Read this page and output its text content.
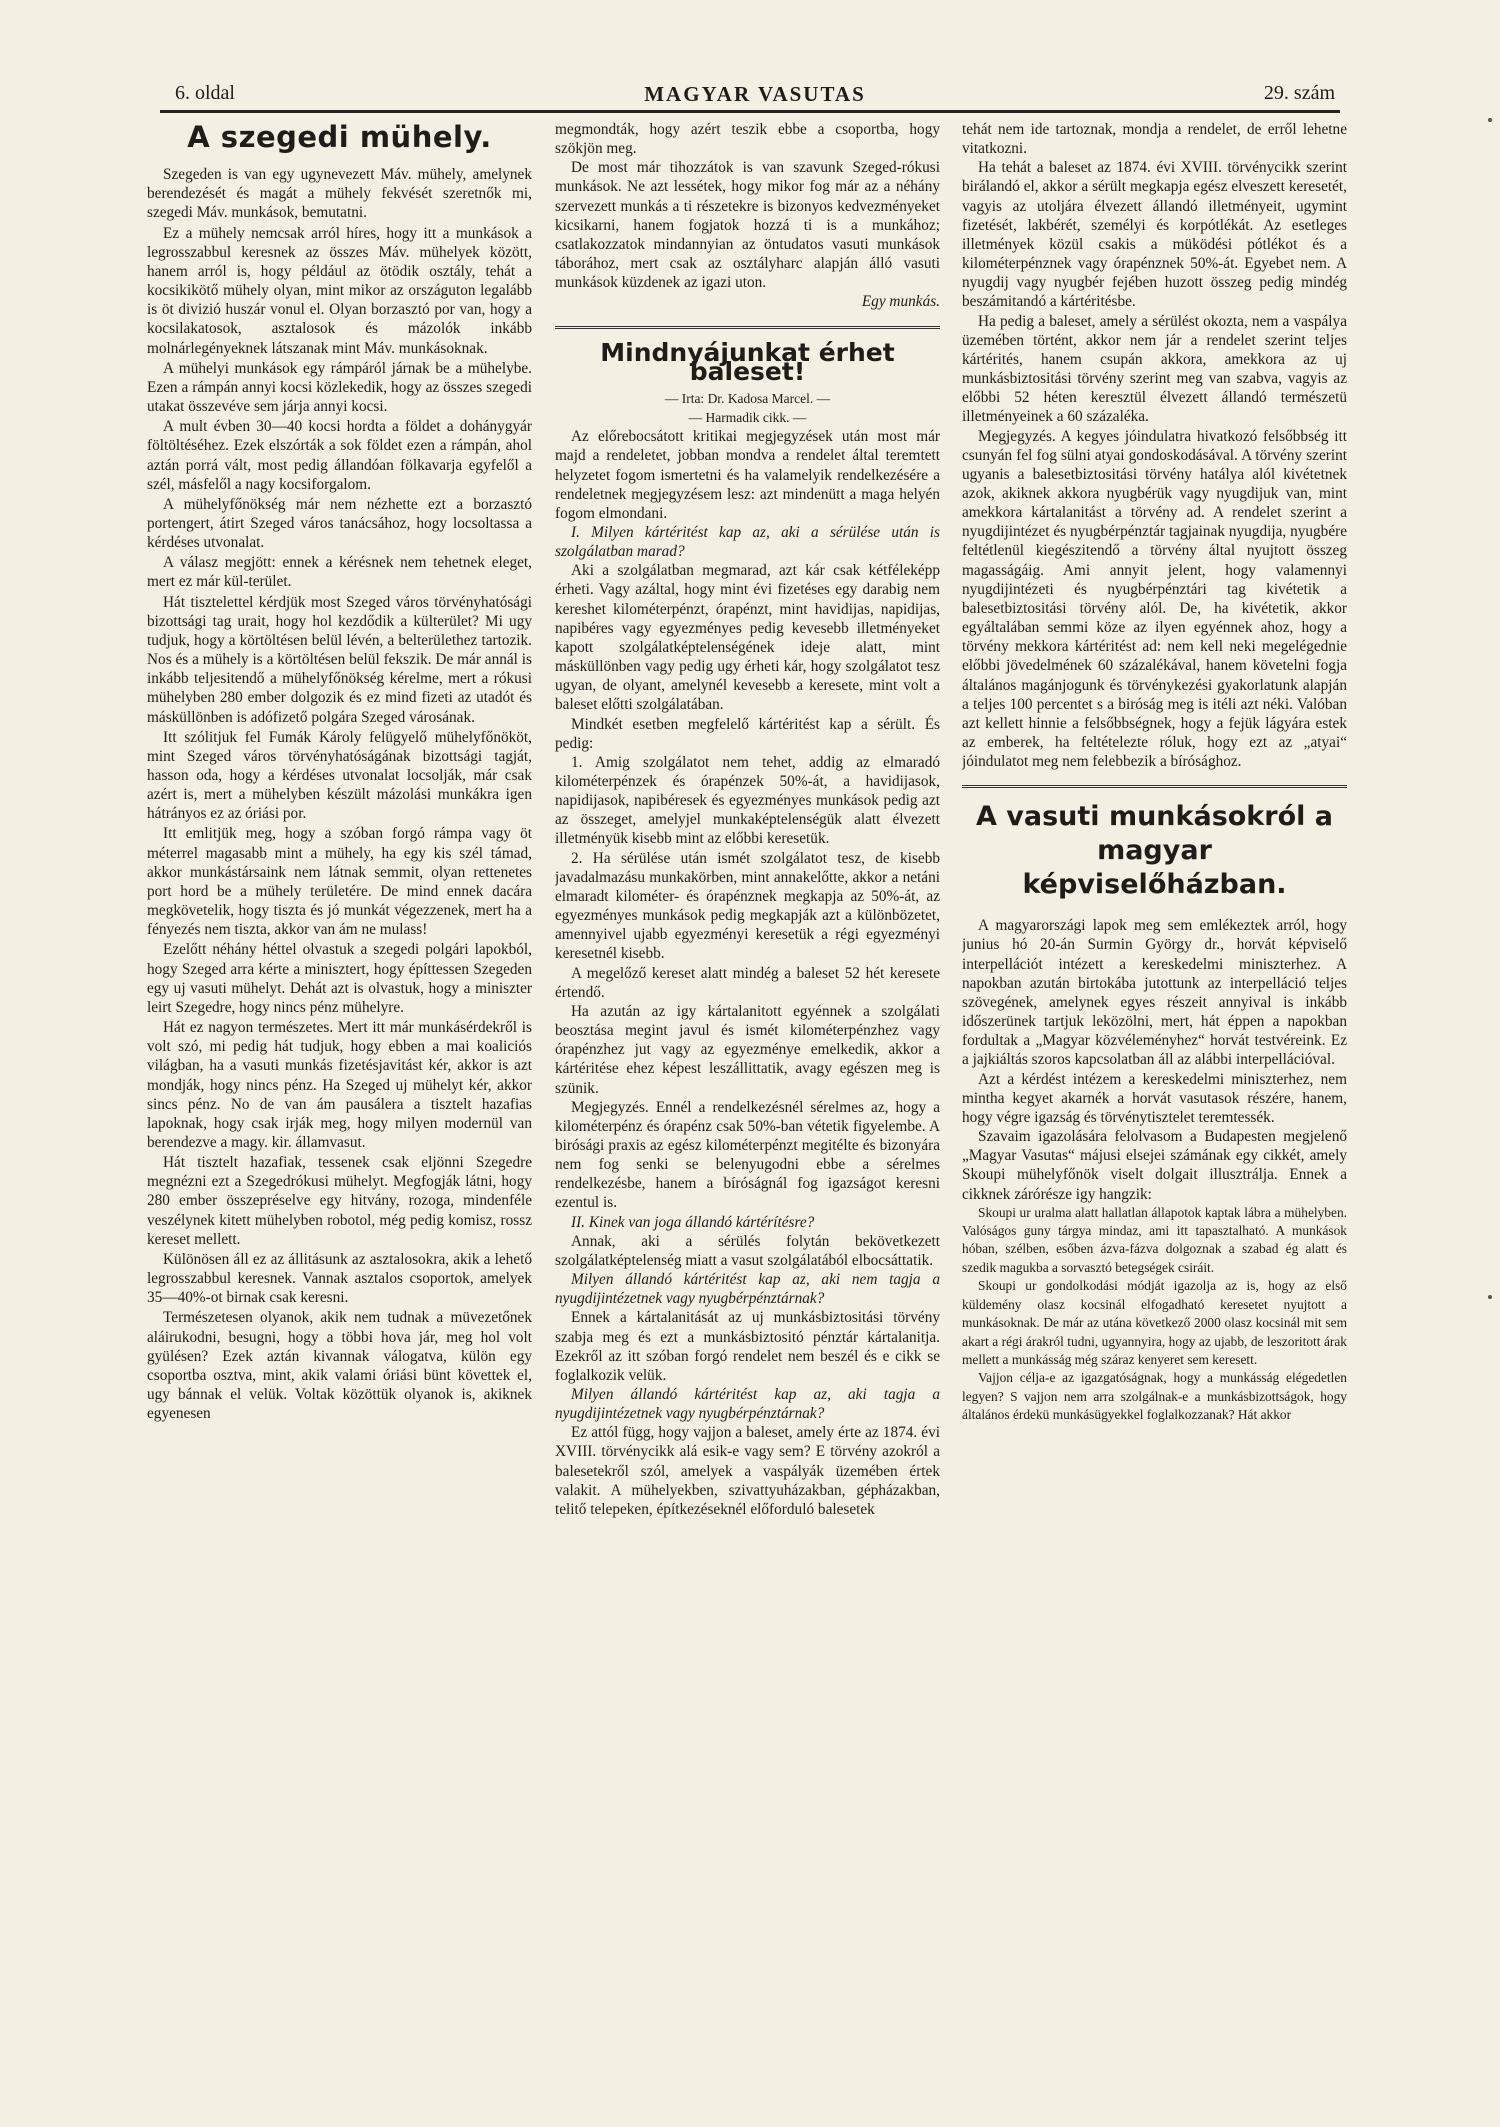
6. oldal	MAGYAR VASUTAS	29. szám
A szegedi mühely.

Szegeden is van egy ugynevezett Máv. mühely, amelynek berendezését és magát a mühely fekvését szeretnők mi, szegedi Máv. munkások, bemutatni.

Ez a mühely nemcsak arról híres, hogy itt a munkások a legrosszabbul keresnek az összes Máv. mühelyek között, hanem arról is, hogy például az ötödik osztály, tehát a kocsikikötő mühely olyan, mint mikor az országuton legalább is öt divizió huszár vonul el. Olyan borzasztó por van, hogy a kocsilakatosok, asztalosok és mázolók inkább molnárlegényeknek látszanak mint Máv. munkásoknak.

A mühelyi munkások egy rámpáról járnak be a mühelybe. Ezen a rámpán annyi kocsi közlekedik, hogy az összes szegedi utakat összevéve sem járja annyi kocsi.

A mult évben 30—40 kocsi hordta a földet a dohánygyár föltöltéséhez. Ezek elszórták a sok földet ezen a rámpán, ahol aztán porrá vált, most pedig állandóan fölkavarja egyfelől a szél, másfelől a nagy kocsiforgalom.

A mühelyfőnökség már nem nézhette ezt a borzasztó portengert, átirt Szeged város tanácsához, hogy locsoltassa a kérdéses utvonalat.

A válasz megjött: ennek a kérésnek nem tehetnek eleget, mert ez már kül-terület.

Hát tisztelettel kérdjük most Szeged város törvényhatósági bizottsági tag urait, hogy hol kezdődik a külterület? Mi ugy tudjuk, hogy a körtöltésen belül lévén, a belterülethez tartozik. Nos és a mühely is a körtöltésen belül fekszik. De már annál is inkább teljesitendő a mühelyfőnökség kérelme, mert a rókusi mühelyben 280 ember dolgozik és ez mind fizeti az utadót és másküllönben is adófizető polgára Szeged városának.

Itt szólitjuk fel Fumák Károly felügyelő mühelyfőnököt, mint Szeged város törvényhatóságának bizottsági tagját, hasson oda, hogy a kérdéses utvonalat locsolják, már csak azért is, mert a mühelyben készült mázolási munkákra igen hátrányos ez az óriási por.

Itt emlitjük meg, hogy a szóban forgó rámpa vagy öt méterrel magasabb mint a mühely, ha egy kis szél támad, akkor munkástársaink nem látnak semmit, olyan rettenetes port hord be a mühely területére. De mind ennek dacára megkövetelik, hogy tiszta és jó munkát végezzenek, mert ha a fényezés nem tiszta, akkor van ám ne mulass!

Ezelőtt néhány héttel olvastuk a szegedi polgári lapokból, hogy Szeged arra kérte a minisztert, hogy építtessen Szegeden egy uj vasuti mühelyt. Dehát azt is olvastuk, hogy a miniszter leirt Szegedre, hogy nincs pénz mühelyre.

Hát ez nagyon természetes. Mert itt már munkásérdekről is volt szó, mi pedig hát tudjuk, hogy ebben a mai koaliciós világban, ha a vasuti munkás fizetésjavitást kér, akkor is azt mondják, hogy nincs pénz. Ha Szeged uj mühelyt kér, akkor sincs pénz. No de van ám pausálera a tisztelt hazafias lapoknak, hogy csak irják meg, hogy milyen modernül van berendezve a magy. kir. államvasut.

Hát tisztelt hazafiak, tessenek csak eljönni Szegedre megnézni ezt a Szegedrókusi mühelyt. Megfogják látni, hogy 280 ember összepréselve egy hitvány, rozoga, mindenféle veszélynek kitett mühelyben robotol, még pedig komisz, rossz kereset mellett.

Különösen áll ez az állitásunk az asztalosokra, akik a lehető legrosszabbul keresnek. Vannak asztalos csoportok, amelyek 35—40%-ot birnak csak keresni.

Természetesen olyanok, akik nem tudnak a müvezetőnek aláirukodni, besugni, hogy a többi hova jár, meg hol volt gyülésen? Ezek aztán kivannak válogatva, külön egy csoportba osztva, mint, akik valami óriási bünt követtek el, ugy bánnak el velük. Voltak közöttük olyanok is, akiknek egyenesen

megmondták, hogy azért teszik ebbe a csoportba, hogy szökjön meg.

De most már tihozzátok is van szavunk Szeged-rókusi munkások. Ne azt lessétek, hogy mikor fog már az a néhány szervezett munkás a ti részetekre is bizonyos kedvezményeket kicsikarni, hanem fogjatok hozzá ti is a munkához; csatlakozzatok mindannyian az öntudatos vasuti munkások táborához, mert csak az osztályharc alapján álló vasuti munkások küzdenek az igazi uton.

Egy munkás.

Mindnyájunkat érhet baleset!

— Irta: Dr. Kadosa Marcel. —

— Harmadik cikk. —

Az előrebocsátott kritikai megjegyzések után most már majd a rendeletet, jobban mondva a rendelet által teremtett helyzetet fogom ismertetni és ha valamelyik rendelkezésére a rendeletnek megjegyzésem lesz: azt mindenütt a maga helyén fogom elmondani.

I. Milyen kártéritést kap az, aki a sérülése után is szolgálatban marad?

Aki a szolgálatban megmarad, azt kár csak kétféleképp érheti. Vagy azáltal, hogy mint évi fizetéses egy darabig nem kereshet kilométerpénzt, órapénzt, mint havidijas, napidijas, napibéres vagy egyezményes pedig kevesebb illetményeket kapott szolgálatképtelenségének ideje alatt, mint másküllönben vagy pedig ugy érheti kár, hogy szolgálatot tesz ugyan, de olyant, amelynél kevesebb a keresete, mint volt a baleset előtti szolgálatában.

Mindkét esetben megfelelő kártéritést kap a sérült. És pedig:

1. Amig szolgálatot nem tehet, addig az elmaradó kilométerpénzek és órapénzek 50%-át, a havidijasok, napidijasok, napibéresek és egyezményes munkások pedig azt az összeget, amelyjel munkaképtelenségük alatt élvezett illetményük kisebb mint az előbbi keresetük.

2. Ha sérülése után ismét szolgálatot tesz, de kisebb javadalmazásu munkakörben, mint annakelőtte, akkor a netáni elmaradt kilométer- és órapénznek megkapja az 50%-át, az egyezményes munkások pedig megkapják azt a különbözetet, amennyivel ujabb egyezményi keresetük a régi egyezményi keresetnél kisebb.

A megelőző kereset alatt mindég a baleset 52 hét keresete értendő.

Ha azután az igy kártalanitott egyénnek a szolgálati beosztása megint javul és ismét kilométerpénzhez vagy órapénzhez jut vagy az egyezménye emelkedik, akkor a kártéritése ehez képest leszállittatik, avagy egészen meg is szünik.

Megjegyzés. Ennél a rendelkezésnél sérelmes az, hogy a kilométerpénz és órapénz csak 50%-ban vétetik figyelembe. A birósági praxis az egész kilométerpénzt megitélte és bizonyára nem fog senki se belenyugodni ebbe a sérelmes rendelkezésbe, hanem a bíróságnál fog igazságot keresni ezentul is.

II. Kinek van joga állandó kártérítésre?

Annak, aki a sérülés folytán bekövetkezett szolgálatképtelenség miatt a vasut szolgálatából elbocsáttatik.

Milyen állandó kártéritést kap az, aki nem tagja a nyugdijintézetnek vagy nyugbérpénztárnak?

Ennek a kártalanitását az uj munkásbiztositási törvény szabja meg és ezt a munkásbiztositó pénztár kártalanitja. Ezekről az itt szóban forgó rendelet nem beszél és e cikk se foglalkozik velük.

Milyen állandó kártéritést kap az, aki tagja a nyugdijintézetnek vagy nyugbérpénztárnak?

Ez attól függ, hogy vajjon a baleset, amely érte az 1874. évi XVIII. törvénycikk alá esik-e vagy sem? E törvény azokról a balesetekről szól, amelyek a vaspályák üzemében értek valakit. A mühelyekben, szivattyuházakban, gépházakban, telitő telepeken, építkezéseknél előforduló balesetek

tehát nem ide tartoznak, mondja a rendelet, de erről lehetne vitatkozni.

Ha tehát a baleset az 1874. évi XVIII. törvénycikk szerint birálandó el, akkor a sérült megkapja egész elveszett keresetét, vagyis az utoljára élvezett állandó illetményeit, ugymint fizetését, lakbérét, személyi és korpótlékát. Az esetleges illetmények közül csakis a müködési pótlékot és a kilométerpénznek vagy órapénznek 50%-át. Egyebet nem. A nyugdij vagy nyugbér fejében huzott összeg pedig mindég beszámitandó a kártéritésbe.

Ha pedig a baleset, amely a sérülést okozta, nem a vaspálya üzemében történt, akkor nem jár a rendelet szerint teljes kártérités, hanem csupán akkora, amekkora az uj munkásbiztositási törvény szerint meg van szabva, vagyis az előbbi 52 héten keresztül élvezett állandó természetü illetményeinek a 60 százaléka.

Megjegyzés. A kegyes jóindulatra hivatkozó felsőbbség itt csunyán fel fog sülni atyai gondoskodásával. A törvény szerint ugyanis a balesetbiztositási törvény hatálya alól kivétetnek azok, akiknek akkora nyugbérük vagy nyugdijuk van, mint amekkora kártalanitást a törvény ad. A rendelet szerint a nyugdijintézet és nyugbérpénztár tagjainak nyugdija, nyugbére feltétlenül kiegészitendő a törvény által nyujtott összeg magasságáig. Ami annyit jelent, hogy valamennyi nyugdijintézeti és nyugbérpénztári tag kivétetik a balesetbiztositási törvény alól. De, ha kivétetik, akkor egyáltalában semmi köze az ilyen egyénnek ahoz, hogy a törvény mekkora kártéritést ad: nem kell neki megelégednie előbbi jövedelmének 60 százalékával, hanem követelni fogja általános magánjogunk és törvénykezési gyakorlatunk alapján a teljes 100 percentet s a biróság meg is itéli azt néki. Valóban azt kellett hinnie a felsőbbségnek, hogy a fejük lágyára estek az emberek, ha feltételezte róluk, hogy ezt az „atyai“ jóindulatot meg nem felebbezik a bírósághoz.

A vasuti munkásokról a magyar képviselőházban.

A magyarországi lapok meg sem emlékeztek arról, hogy junius hó 20-án Surmin György dr., horvát képviselő interpellációt intézett a kereskedelmi miniszterhez. A napokban azután birtokába jutottunk az interpelláció teljes szövegének, amelynek egyes részeit annyival is inkább időszerünek tartjuk leközölni, mert, hát éppen a napokban fordultak a „Magyar közvéleményhez“ horvát testvéreink. Ez a jajkiáltás szoros kapcsolatban áll az alábbi interpellációval.

Azt a kérdést intézem a kereskedelmi miniszterhez, nem mintha kegyet akarnék a horvát vasutasok részére, hanem, hogy végre igazság és törvénytisztelet teremtessék.

Szavaim igazolására felolvasom a Budapesten megjelenő „Magyar Vasutas“ májusi elsejei számának egy cikkét, amely Skoupi mühelyfőnök viselt dolgait illusztrálja. Ennek a cikknek zárórésze igy hangzik:

Skoupi ur uralma alatt hallatlan állapotok kaptak lábra a mühelyben. Valóságos guny tárgya mindaz, ami itt tapasztalható. A munkások hóban, szélben, esőben ázva-fázva dolgoznak a szabad ég alatt és szedik magukba a sorvasztó betegségek csiráit.

Skoupi ur gondolkodási módját igazolja az is, hogy az első küldeménу olasz kocsinál elfogadható keresetet nyujtott a munkásoknak. De már az utána következő 2000 olasz kocsinál mit sem akart a régi árakról tudni, ugyannyira, hogy az ujabb, de leszoritott árak mellett a munkásság még száraz kenyeret sem keresett.

Vajjon célja-e az igazgatóságnak, hogy a munkásság elégedetlen legyen? S vajjon nem arra szolgálnak-e a munkásbizottságok, hogy általános érdekü munkásügyekkel foglalkozzanak? Hát akkor
